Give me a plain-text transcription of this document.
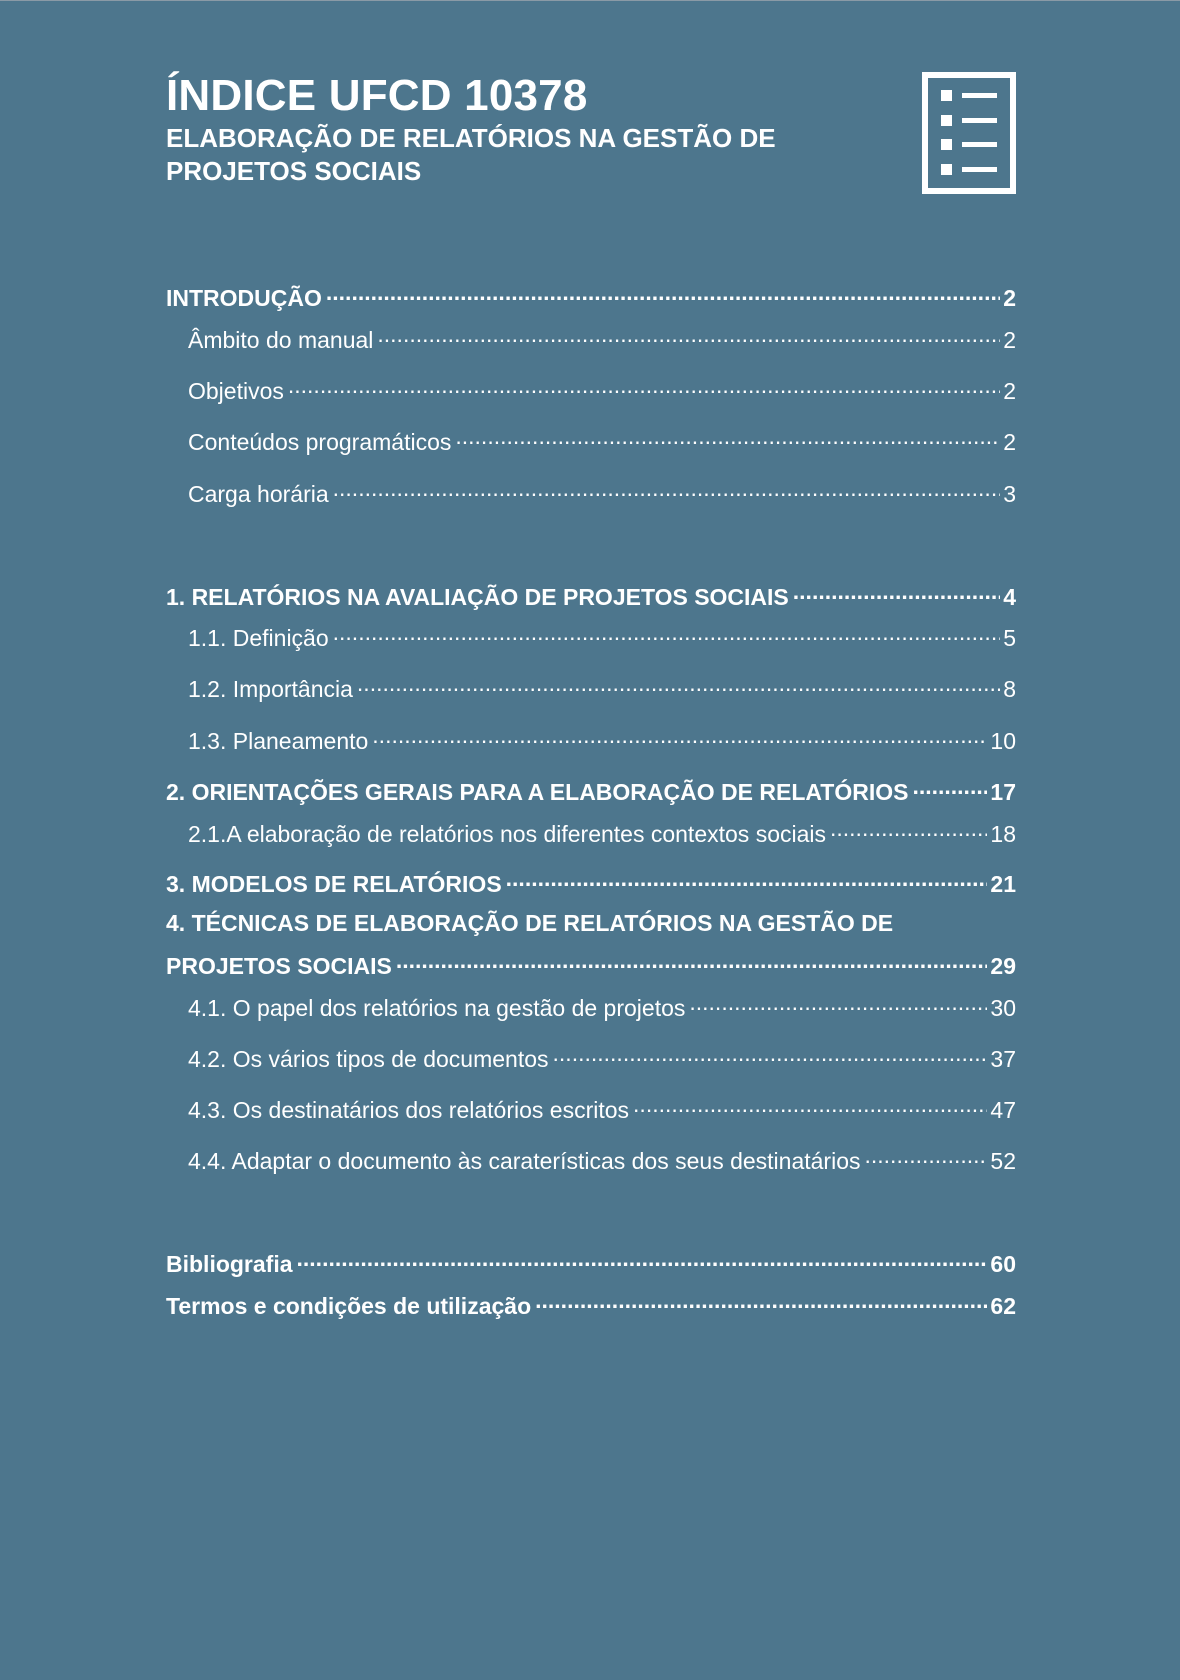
ÍNDICE UFCD 10378
ELABORAÇÃO DE RELATÓRIOS NA GESTÃO DE PROJETOS SOCIAIS
INTRODUÇÃO .....	2
Âmbito do manual .....	2
Objetivos .....	2
Conteúdos programáticos .....	2
Carga horária .....	3
1. RELATÓRIOS NA AVALIAÇÃO DE PROJETOS SOCIAIS .....	4
1.1. Definição .....	5
1.2. Importância .....	8
1.3. Planeamento .....	10
2. ORIENTAÇÕES GERAIS PARA A ELABORAÇÃO DE RELATÓRIOS .....	17
2.1.A elaboração de relatórios nos diferentes contextos sociais .....	18
3. MODELOS DE RELATÓRIOS .....	21
4. TÉCNICAS DE ELABORAÇÃO DE RELATÓRIOS NA GESTÃO DE
PROJETOS SOCIAIS .....	29
4.1. O papel dos relatórios na gestão de projetos .....	30
4.2. Os vários tipos de documentos .....	37
4.3. Os destinatários dos relatórios escritos .....	47
4.4. Adaptar o documento às caraterísticas dos seus destinatários .....	52
Bibliografia .....	60
Termos e condições de utilização .....	62
